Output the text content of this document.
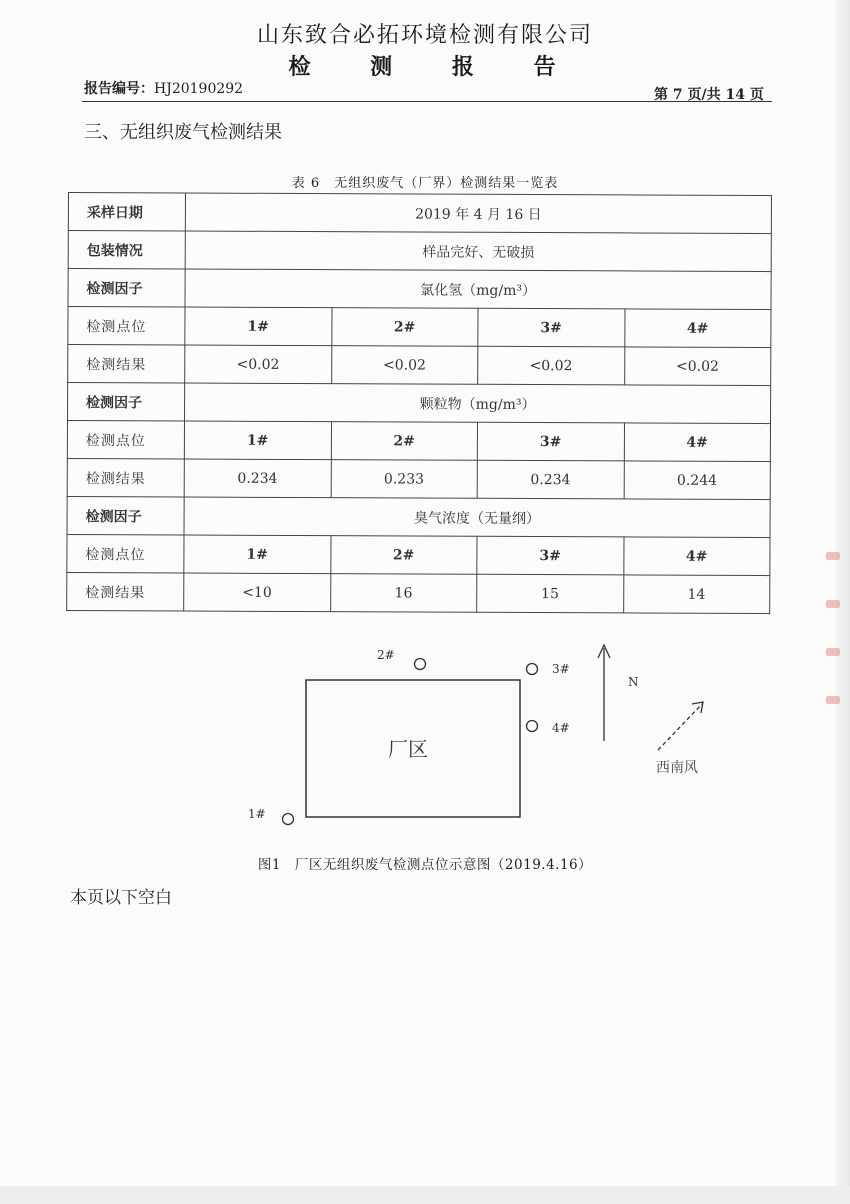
山东致合必拓环境检测有限公司
检 测 报 告
报告编号：HJ20190292	第 7 页/共 14 页
三、无组织废气检测结果
表 6　无组织废气（厂界）检测结果一览表
采样日期	2019 年 4 月 16 日			
包装情况	样品完好、无破损			
检测因子	氯化氢（mg/m³）			
检测点位	1#	2#	3#	4#
检测结果	<0.02	<0.02	<0.02	<0.02
检测因子	颗粒物（mg/m³）			
检测点位	1#	2#	3#	4#
检测结果	0.234	0.233	0.234	0.244
检测因子	臭气浓度（无量纲）			
检测点位	1#	2#	3#	4#
检测结果	<10	16	15	14
厂区
1#
2#
3#
4#
N
西南风
图1　厂区无组织废气检测点位示意图（2019.4.16）
本页以下空白
